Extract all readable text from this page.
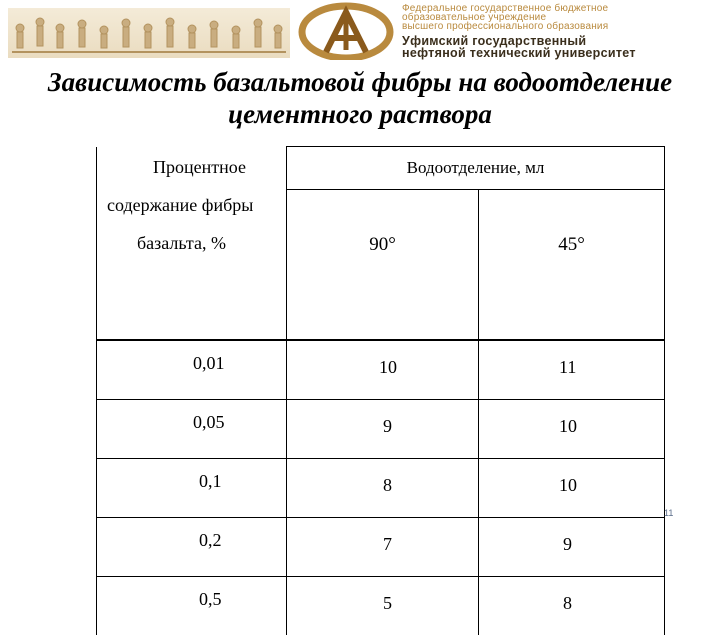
Федеральное государственное бюджетное
образовательное учреждение
высшего профессионального образования
Уфимский государственный
нефтяной технический университет
Зависимость базальтовой фибры на водоотделение
цементного раствора
Процентное
содержание фибры
базальта, %	Водоотделение, мл	
	90°	45°
0,01	10	11
0,05	9	10
0,1	8	10
0,2	7	9
0,5	5	8
11
